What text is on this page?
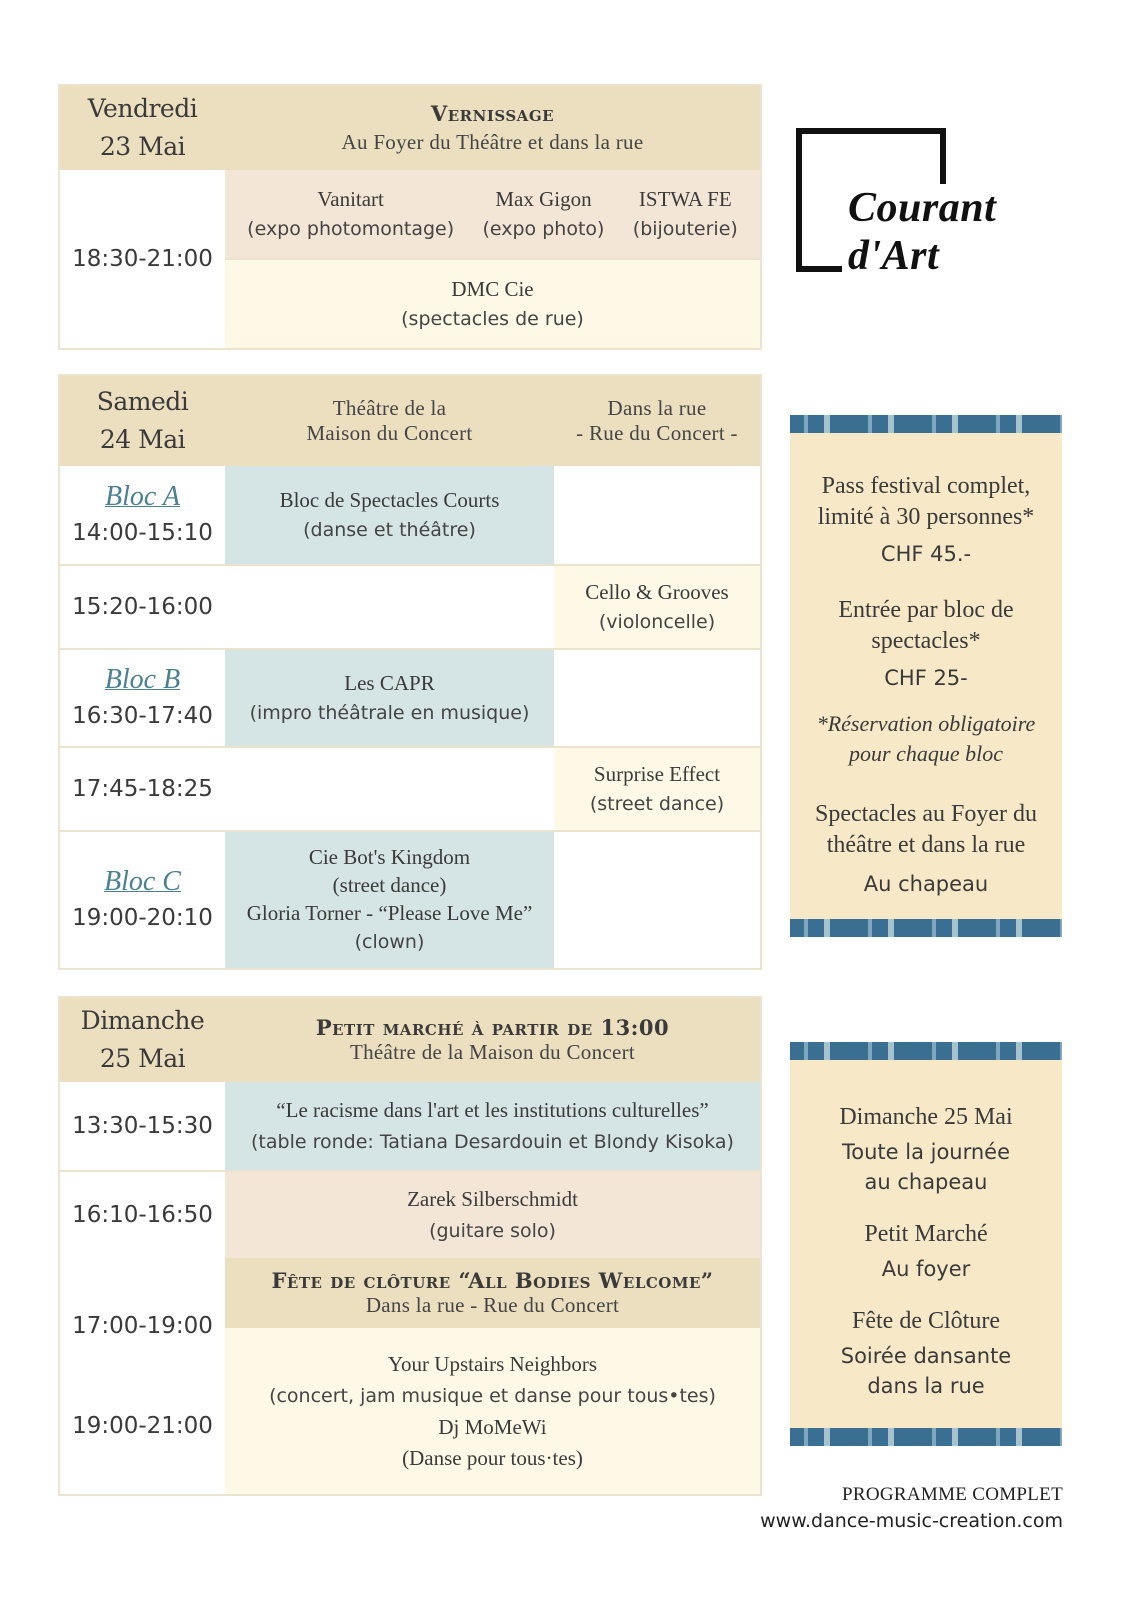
Courant d'Art
Vendredi
23 Mai
Vernissage
Au Foyer du Théâtre et dans la rue
18:30-21:00
Vanitart
(expo photomontage)
Max Gigon
(expo photo)
ISTWA FE
(bijouterie)
DMC Cie
(spectacles de rue)
Samedi
24 Mai
Théâtre de la
Maison du Concert
Dans la rue
- Rue du Concert -
Bloc A
14:00-15:10
Bloc de Spectacles Courts
(danse et théâtre)
15:20-16:00
Cello & Grooves
(violoncelle)
Bloc B
16:30-17:40
Les CAPR
(impro théâtrale en musique)
17:45-18:25
Surprise Effect
(street dance)
Bloc C
19:00-20:10
Cie Bot's Kingdom
(street dance)
Gloria Torner - “Please Love Me”
(clown)
Dimanche
25 Mai
Petit marché à partir de 13:00
Théâtre de la Maison du Concert
13:30-15:30
“Le racisme dans l'art et les institutions culturelles”
(table ronde: Tatiana Desardouin et Blondy Kisoka)
16:10-16:50
Zarek Silberschmidt
(guitare solo)
17:00-19:00
19:00-21:00
Fête de clôture “All Bodies Welcome”
Dans la rue - Rue du Concert
Your Upstairs Neighbors
(concert, jam musique et danse pour tous•tes)
Dj MoMeWi
(Danse pour tous·tes)
Pass festival complet, limité à 30 personnes*
CHF 45.-
Entrée par bloc de spectacles*
CHF 25-
*Réservation obligatoire pour chaque bloc
Spectacles au Foyer du théâtre et dans la rue
Au chapeau
Dimanche 25 Mai
Toute la journée
au chapeau
Petit Marché
Au foyer
Fête de Clôture
Soirée dansante
dans la rue
PROGRAMME COMPLET
www.dance-music-creation.com
